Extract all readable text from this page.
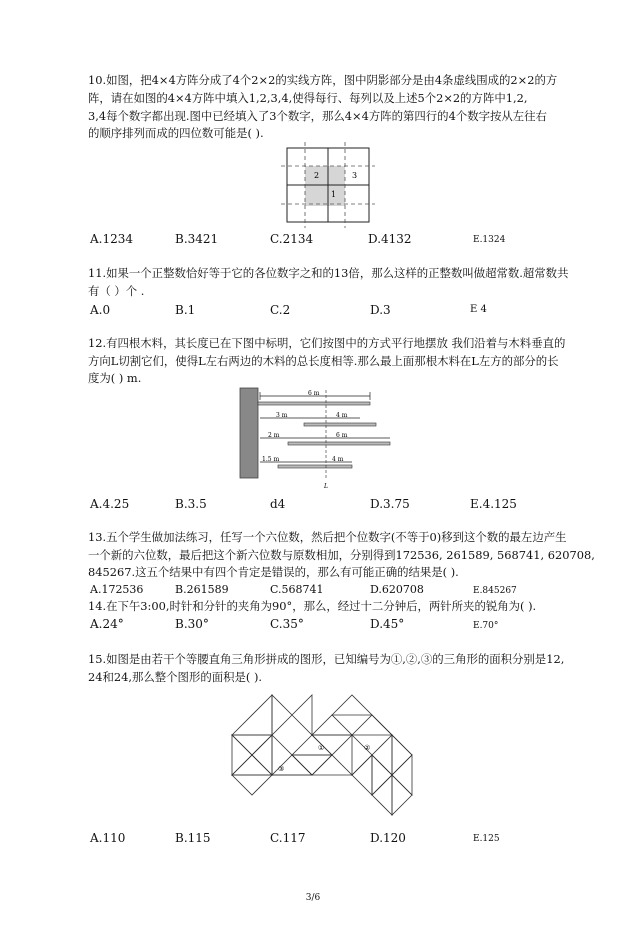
10.如图，把4×4方阵分成了4个2×2的实线方阵，图中阴影部分是由4条虚线围成的2×2的方
阵，请在如图的4×4方阵中填入1,2,3,4,使得每行、每列以及上述5个2×2的方阵中1,2,
3,4每个数字都出现.图中已经填入了3个数字，那么4×4方阵的第四行的4个数字按从左往右
的顺序排列而成的四位数可能是( ).
2	3
1
A.1234	B.3421	C.2134	D.4132	E.1324
11.如果一个正整数恰好等于它的各位数字之和的13倍，那么这样的正整数叫做超常数.超常数共
有（ ）个 .
A.0	B.1	C.2	D.3	E 4
12.有四根木料，其长度已在下图中标明，它们按图中的方式平行地摆放 我们沿着与木料垂直的
方向L切割它们，使得L左右两边的木料的总长度相等.那么最上面那根木料在L左方的部分的长
度为( ) m.
6 m
3 m	4 m
2 m	6 m
1.5 m	4 m
L
A.4.25	B.3.5	d4	D.3.75	E.4.125
13.五个学生做加法练习，任写一个六位数，然后把个位数字(不等于0)移到这个数的最左边产生
一个新的六位数，最后把这个新六位数与原数相加，分别得到172536, 261589, 568741, 620708,
845267.这五个结果中有四个肯定是错误的，那么有可能正确的结果是( ).
A.172536	B.261589	C.568741	D.620708	E.845267
14.在下午3:00,时针和分针的夹角为90°，那么，经过十二分钟后，两针所夹的锐角为( ).
A.24°	B.30°	C.35°	D.45°	E.70°
15.如图是由若干个等腰直角三角形拼成的图形，已知编号为①,②,③的三角形的面积分别是12,
24和24,那么整个图形的面积是( ).
①	②
③
A.110	B.115	C.117	D.120	E.125
3/6
